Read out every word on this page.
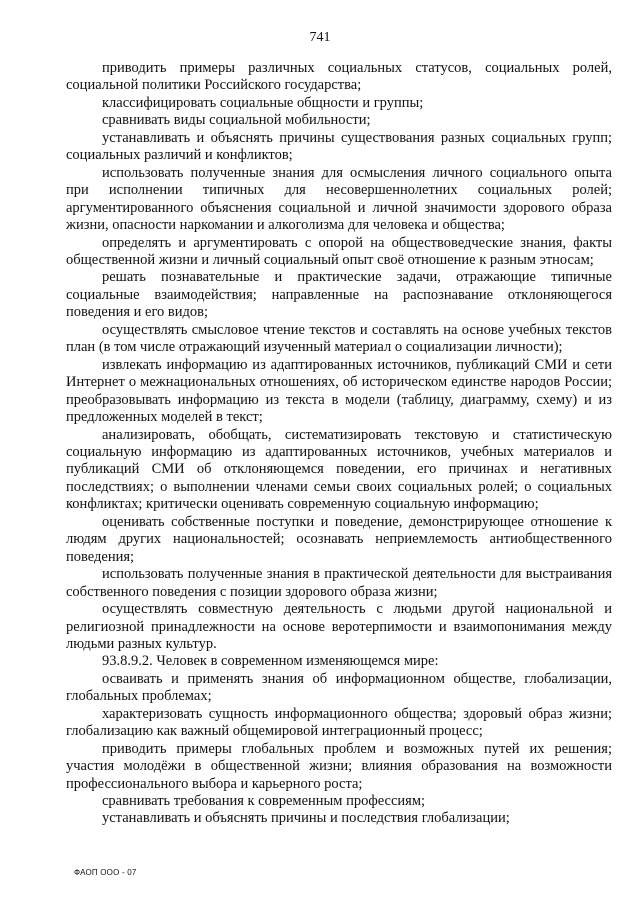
741

приводить примеры различных социальных статусов, социальных ролей, социальной политики Российского государства;

классифицировать социальные общности и группы;

сравнивать виды социальной мобильности;

устанавливать и объяснять причины существования разных социальных групп; социальных различий и конфликтов;

использовать полученные знания для осмысления личного социального опыта при исполнении типичных для несовершеннолетних социальных ролей; аргументированного объяснения социальной и личной значимости здорового образа жизни, опасности наркомании и алкоголизма для человека и общества;

определять и аргументировать с опорой на обществоведческие знания, факты общественной жизни и личный социальный опыт своё отношение к разным этносам;

решать познавательные и практические задачи, отражающие типичные социальные взаимодействия; направленные на распознавание отклоняющегося поведения и его видов;

осуществлять смысловое чтение текстов и составлять на основе учебных текстов план (в том числе отражающий изученный материал о социализации личности);

извлекать информацию из адаптированных источников, публикаций СМИ и сети Интернет о межнациональных отношениях, об историческом единстве народов России; преобразовывать информацию из текста в модели (таблицу, диаграмму, схему) и из предложенных моделей в текст;

анализировать, обобщать, систематизировать текстовую и статистическую социальную информацию из адаптированных источников, учебных материалов и публикаций СМИ об отклоняющемся поведении, его причинах и негативных последствиях; о выполнении членами семьи своих социальных ролей; о социальных конфликтах; критически оценивать современную социальную информацию;

оценивать собственные поступки и поведение, демонстрирующее отношение к людям других национальностей; осознавать неприемлемость антиобщественного поведения;

использовать полученные знания в практической деятельности для выстраивания собственного поведения с позиции здорового образа жизни;

осуществлять совместную деятельность с людьми другой национальной и религиозной принадлежности на основе веротерпимости и взаимопонимания между людьми разных культур.

93.8.9.2. Человек в современном изменяющемся мире:

осваивать и применять знания об информационном обществе, глобализации, глобальных проблемах;

характеризовать сущность информационного общества; здоровый образ жизни; глобализацию как важный общемировой интеграционный процесс;

приводить примеры глобальных проблем и возможных путей их решения; участия молодёжи в общественной жизни; влияния образования на возможности профессионального выбора и карьерного роста;

сравнивать требования к современным профессиям;

устанавливать и объяснять причины и последствия глобализации;

ФАОП ООО - 07
